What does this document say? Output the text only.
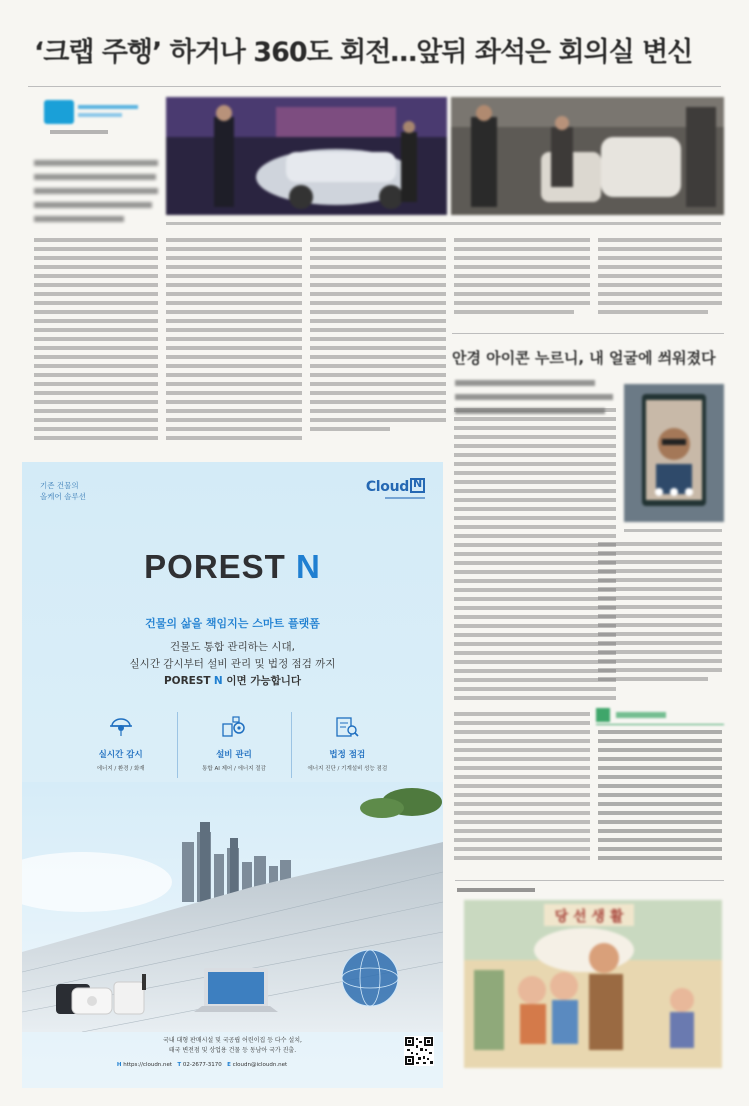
‘크랩 주행’ 하거나 360도 회전…앞뒤 좌석은 회의실 변신
안경 아이콘 누르니, 내 얼굴에 씌워졌다
당 선 생 활
기존 건물의
올케어 솔루션
CloudN
POREST N
건물의 삶을 책임지는 스마트 플랫폼
건물도 통합 관리하는 시대,
실시간 감시부터 설비 관리 및 법정 점검 까지
POREST N 이면 가능합니다
실시간 감시
에너지 / 환경 / 화재
설비 관리
통합 AI 제어 / 에너지 절감
법정 점검
에너지 진단 / 기계설비 성능 점검
국내 대형 판매시설 및 국공립 어린이집 등 다수 설치,
태국 변전점 및 상업용 건물 등 동남아 국가 진출.
H https://cloudn.net T 02-2677-3170 E cloudn@icloudn.net
